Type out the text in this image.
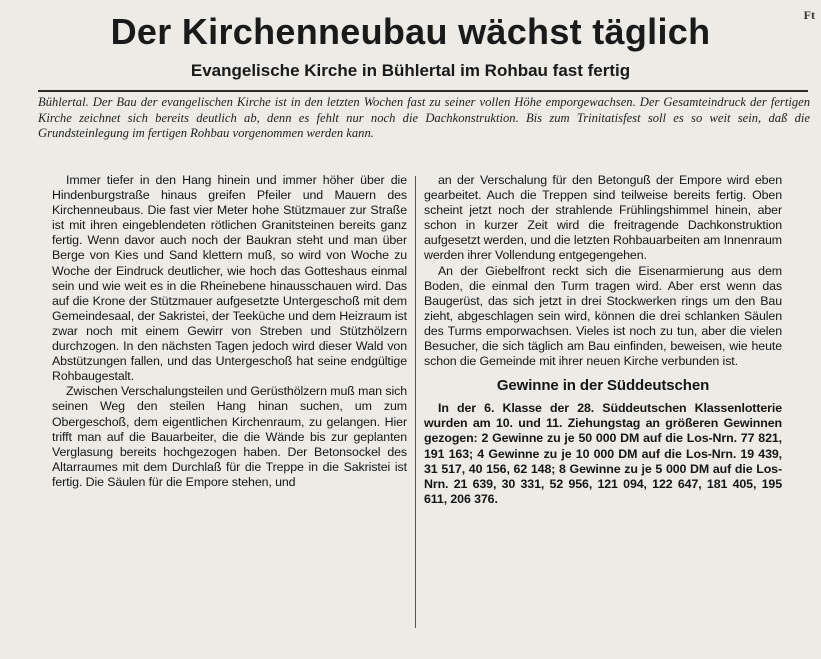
Ft
Der Kirchenneubau wächst täglich
Evangelische Kirche in Bühlertal im Rohbau fast fertig
Bühlertal. Der Bau der evangelischen Kirche ist in den letzten Wochen fast zu seiner vollen Höhe emporgewachsen. Der Gesamteindruck der fertigen Kirche zeichnet sich bereits deutlich ab, denn es fehlt nur noch die Dachkonstruktion. Bis zum Trinitatisfest soll es so weit sein, daß die Grundsteinlegung im fertigen Rohbau vorgenommen werden kann.

Immer tiefer in den Hang hinein und immer höher über die Hindenburgstraße hinaus greifen Pfeiler und Mauern des Kirchenneubaus. Die fast vier Meter hohe Stützmauer zur Straße ist mit ihren eingeblendeten rötlichen Granitsteinen bereits ganz fertig. Wenn davor auch noch der Baukran steht und man über Berge von Kies und Sand klettern muß, so wird von Woche zu Woche der Eindruck deutlicher, wie hoch das Gotteshaus einmal sein und wie weit es in die Rheinebene hinausschauen wird. Das auf die Krone der Stützmauer aufgesetzte Untergeschoß mit dem Gemeindesaal, der Sakristei, der Teeküche und dem Heizraum ist zwar noch mit einem Gewirr von Streben und Stützhölzern durchzogen. In den nächsten Tagen jedoch wird dieser Wald von Abstützungen fallen, und das Untergeschoß hat seine endgültige Rohbaugestalt.

Zwischen Verschalungsteilen und Gerüsthölzern muß man sich seinen Weg den steilen Hang hinan suchen, um zum Obergeschoß, dem eigentlichen Kirchenraum, zu gelangen. Hier trifft man auf die Bauarbeiter, die die Wände bis zur geplanten Verglasung bereits hochgezogen haben. Der Betonsockel des Altarraumes mit dem Durchlaß für die Treppe in die Sakristei ist fertig. Die Säulen für die Empore stehen, und

an der Verschalung für den Betonguß der Empore wird eben gearbeitet. Auch die Treppen sind teilweise bereits fertig. Oben scheint jetzt noch der strahlende Frühlingshimmel hinein, aber schon in kurzer Zeit wird die freitragende Dachkonstruktion aufgesetzt werden, und die letzten Rohbauarbeiten am Innenraum werden ihrer Vollendung entgegengehen.

An der Giebelfront reckt sich die Eisenarmierung aus dem Boden, die einmal den Turm tragen wird. Aber erst wenn das Baugerüst, das sich jetzt in drei Stockwerken rings um den Bau zieht, abgeschlagen sein wird, können die drei schlanken Säulen des Turms emporwachsen. Vieles ist noch zu tun, aber die vielen Besucher, die sich täglich am Bau einfinden, beweisen, wie heute schon die Gemeinde mit ihrer neuen Kirche verbunden ist.

Gewinne in der Süddeutschen

In der 6. Klasse der 28. Süddeutschen Klassenlotterie wurden am 10. und 11. Ziehungstag an größeren Gewinnen gezogen: 2 Gewinne zu je 50 000 DM auf die Los-Nrn. 77 821, 191 163; 4 Gewinne zu je 10 000 DM auf die Los-Nrn. 19 439, 31 517, 40 156, 62 148; 8 Gewinne zu je 5 000 DM auf die Los-Nrn. 21 639, 30 331, 52 956, 121 094, 122 647, 181 405, 195 611, 206 376.
